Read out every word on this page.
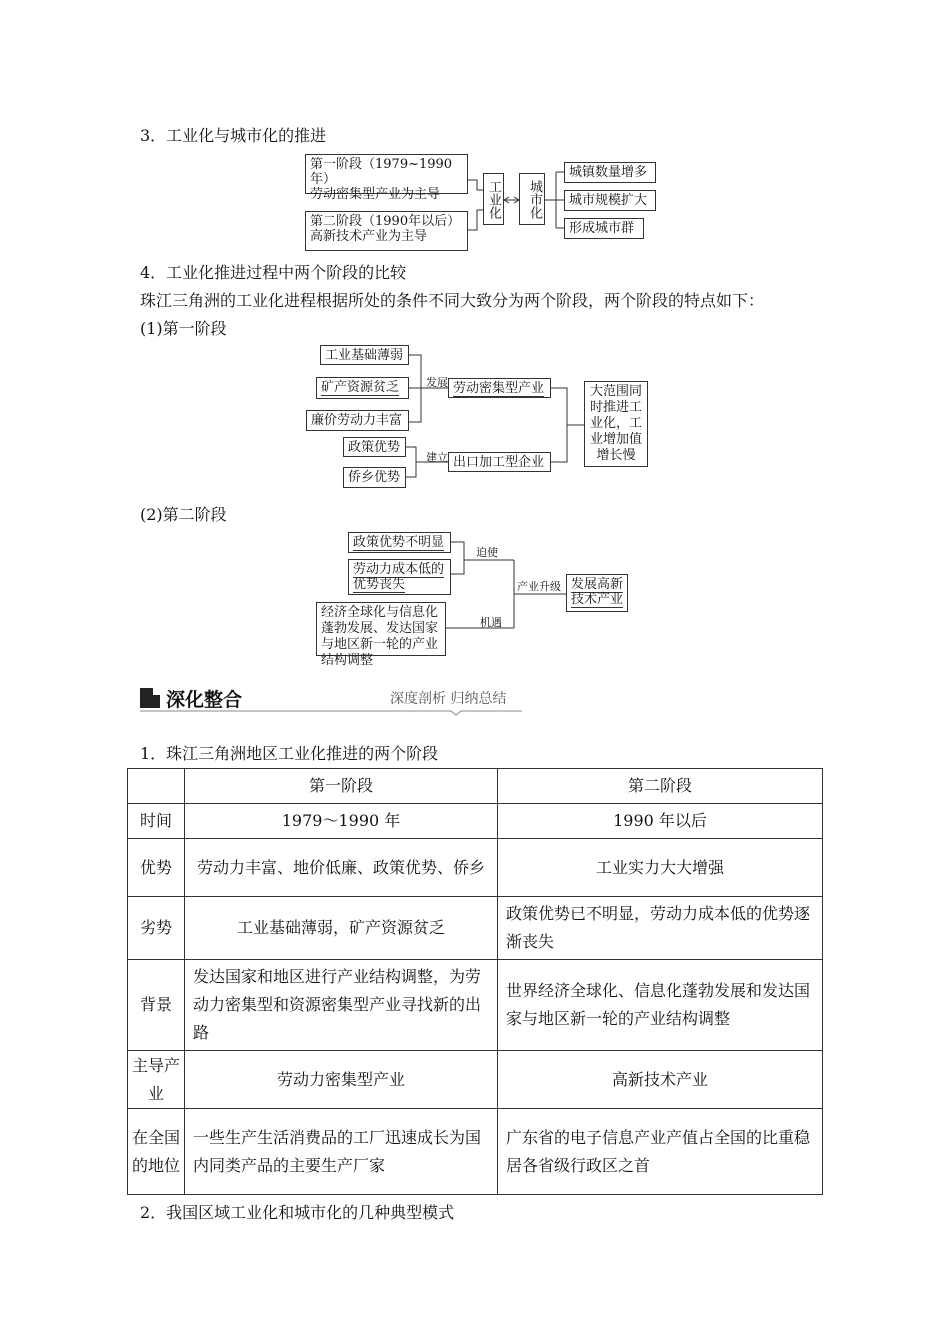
3．工业化与城市化的推进
第一阶段（1979~1990年）
劳动密集型产业为主导
第二阶段（1990年以后）
高新技术产业为主导
工业化	城市化
城镇数量增多
城市规模扩大
形成城市群
4．工业化推进过程中两个阶段的比较
珠江三角洲的工业化进程根据所处的条件不同大致分为两个阶段，两个阶段的特点如下：
(1)第一阶段
工业基础薄弱
矿产资源贫乏
廉价劳动力丰富
发展 劳动密集型产业
政策优势
侨乡优势
建立 出口加工型企业
大范围同时推进工业化，工业增加值增长慢
(2)第二阶段
政策优势不明显
劳动力成本低的优势丧失
迫使
经济全球化与信息化蓬勃发展、发达国家与地区新一轮的产业结构调整
机遇
产业升级 发展高新技术产业
深化整合	深度剖析 归纳总结
1．珠江三角洲地区工业化推进的两个阶段
	第一阶段	第二阶段
时间	1979～1990 年	1990 年以后
优势	劳动力丰富、地价低廉、政策优势、侨乡	工业实力大大增强
劣势	工业基础薄弱，矿产资源贫乏	政策优势已不明显，劳动力成本低的优势逐渐丧失
背景	发达国家和地区进行产业结构调整，为劳动力密集型和资源密集型产业寻找新的出路	世界经济全球化、信息化蓬勃发展和发达国家与地区新一轮的产业结构调整
主导产业	劳动力密集型产业	高新技术产业
在全国的地位	一些生产生活消费品的工厂迅速成长为国内同类产品的主要生产厂家	广东省的电子信息产业产值占全国的比重稳居各省级行政区之首
2．我国区域工业化和城市化的几种典型模式
